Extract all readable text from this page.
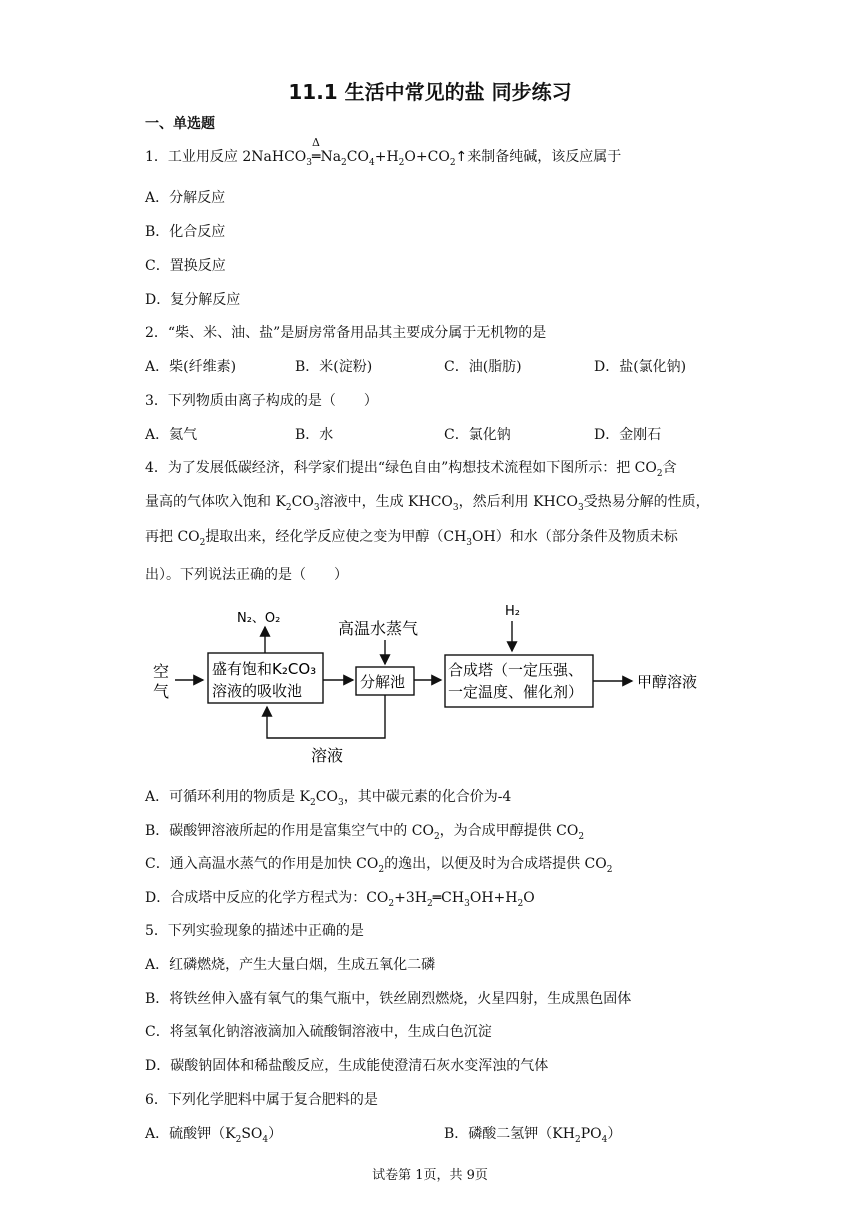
11.1 生活中常见的盐 同步练习
一、单选题
1．工业用反应 2NaHCO$_3$
Δ
$═Na_2CO_4+H_2O+CO_2↑$来制备纯碱，该反应属于
A．分解反应
B．化合反应
C．置换反应
D．复分解反应
2．“柴、米、油、盐”是厨房常备用品其主要成分属于无机物的是
A．柴(纤维素)	B．米(淀粉)	C．油(脂肪)	D．盐(氯化钠)
3．下列物质由离子构成的是（　　）
A．氦气	B．水	C．氯化钠	D．金刚石
4．为了发展低碳经济，科学家们提出“绿色自由”构想技术流程如下图所示：把 $CO_2$含
量高的气体吹入饱和 $K_2CO_3$溶液中，生成 $KHCO_3$，然后利用 $KHCO_3$受热易分解的性质，
再把 $CO_2$提取出来，经化学反应使之变为甲醇$(CH_3OH)$和水（部分条件及物质未标
出）。下列说法正确的是（　　）
空
气
盛有饱和K₂CO₃
溶液的吸收池
N₂、O₂
分解池
高温水蒸气
合成塔（一定压强、
一定温度、催化剂）
H₂
甲醇溶液
溶液
A．可循环利用的物质是 $K_2CO_3$，其中碳元素的化合价为-4
B．碳酸钾溶液所起的作用是富集空气中的 $CO_2$，为合成甲醇提供 $CO_2$
C．通入高温水蒸气的作用是加快 $CO_2$的逸出，以便及时为合成塔提供 $CO_2$
D．合成塔中反应的化学方程式为：$CO_2+3H_2═CH_3OH+H_2O$
5．下列实验现象的描述中正确的是
A．红磷燃烧，产生大量白烟，生成五氧化二磷
B．将铁丝伸入盛有氧气的集气瓶中，铁丝剧烈燃烧，火星四射，生成黑色固体
C．将氢氧化钠溶液滴加入硫酸铜溶液中，生成白色沉淀
D．碳酸钠固体和稀盐酸反应，生成能使澄清石灰水变浑浊的气体
6．下列化学肥料中属于复合肥料的是
A．硫酸钾$(K_2SO_4)$	B．磷酸二氢钾$(KH_2PO_4)$
试卷第 1页，共 9页
